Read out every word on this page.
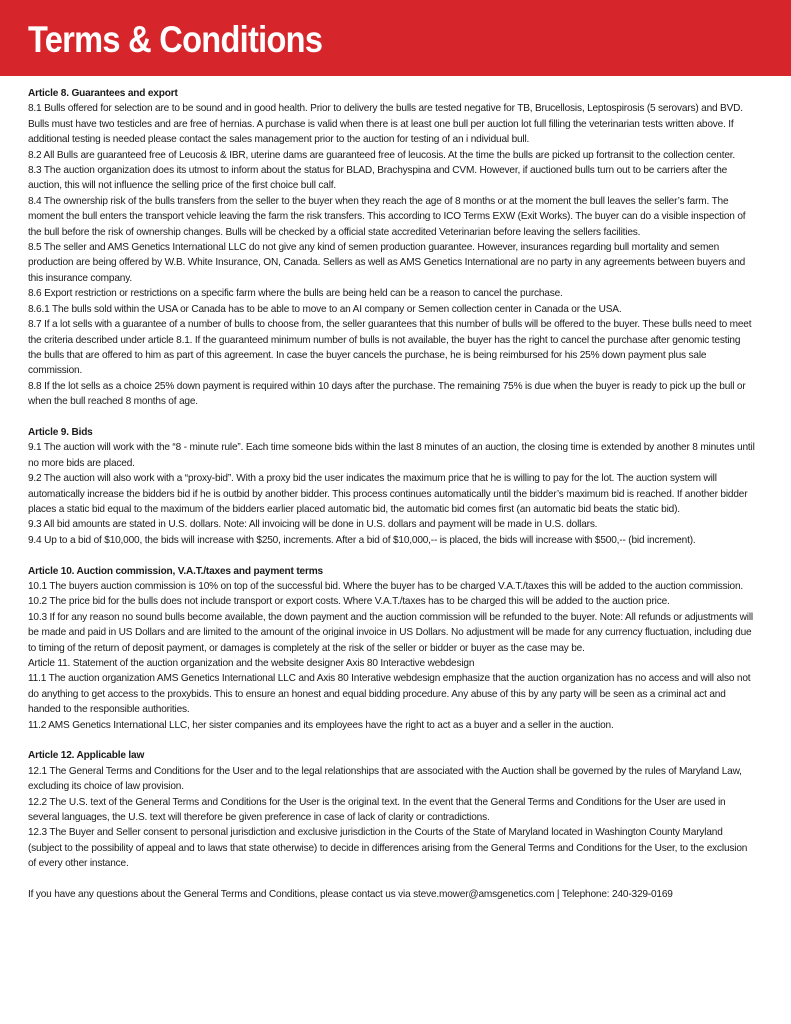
Terms & Conditions

Article 8. Guarantees and export

8.1 Bulls offered for selection are to be sound and in good health. Prior to delivery the bulls are tested negative for TB, Brucellosis, Leptospirosis (5 serovars) and BVD. Bulls must have two testicles and are free of hernias. A purchase is valid when there is at least one bull per auction lot full filling the veterinarian tests written above. If additional testing is needed please contact the sales management prior to the auction for testing of an i ndividual bull.

8.2 All Bulls are guaranteed free of Leucosis & IBR, uterine dams are guaranteed free of leucosis. At the time the bulls are picked up fortransit to the collection center.

8.3 The auction organization does its utmost to inform about the status for BLAD, Brachyspina and CVM. However, if auctioned bulls turn out to be carriers after the auction, this will not influence the selling price of the first choice bull calf.

8.4 The ownership risk of the bulls transfers from the seller to the buyer when they reach the age of 8 months or at the moment the bull leaves the seller’s farm. The moment the bull enters the transport vehicle leaving the farm the risk transfers. This according to ICO Terms EXW (Exit Works). The buyer can do a visible inspection of the bull before the risk of ownership changes. Bulls will be checked by a official state accredited Veterinarian before leaving the sellers facilities.

8.5 The seller and AMS Genetics International LLC do not give any kind of semen production guarantee. However, insurances regarding bull mortality and semen production are being offered by W.B. White Insurance, ON, Canada. Sellers as well as AMS Genetics International are no party in any agreements between buyers and this insurance company.

8.6 Export restriction or restrictions on a specific farm where the bulls are being held can be a reason to cancel the purchase.

8.6.1 The bulls sold within the USA or Canada has to be able to move to an AI company or Semen collection center in Canada or the USA.

8.7 If a lot sells with a guarantee of a number of bulls to choose from, the seller guarantees that this number of bulls will be offered to the buyer. These bulls need to meet the criteria described under article 8.1. If the guaranteed minimum number of bulls is not available, the buyer has the right to cancel the purchase after genomic testing the bulls that are offered to him as part of this agreement. In case the buyer cancels the purchase, he is being reimbursed for his 25% down payment plus sale commission.

8.8 If the lot sells as a choice 25% down payment is required within 10 days after the purchase. The remaining 75% is due when the buyer is ready to pick up the bull or when the bull reached 8 months of age.

Article 9. Bids

9.1 The auction will work with the “8 - minute rule”. Each time someone bids within the last 8 minutes of an auction, the closing time is extended by another 8 minutes until no more bids are placed.

9.2 The auction will also work with a “proxy-bid”. With a proxy bid the user indicates the maximum price that he is willing to pay for the lot. The auction system will automatically increase the bidders bid if he is outbid by another bidder. This process continues automatically until the bidder’s maximum bid is reached. If another bidder places a static bid equal to the maximum of the bidders earlier placed automatic bid, the automatic bid comes first (an automatic bid beats the static bid).

9.3 All bid amounts are stated in U.S. dollars. Note: All invoicing will be done in U.S. dollars and payment will be made in U.S. dollars.

9.4 Up to a bid of $10,000, the bids will increase with $250, increments. After a bid of $10,000,-- is placed, the bids will increase with $500,-- (bid increment).

Article 10. Auction commission, V.A.T./taxes and payment terms

10.1 The buyers auction commission is 10% on top of the successful bid. Where the buyer has to be charged V.A.T./taxes this will be added to the auction commission.

10.2 The price bid for the bulls does not include transport or export costs. Where V.A.T./taxes has to be charged this will be added to the auction price.

10.3 If for any reason no sound bulls become available, the down payment and the auction commission will be refunded to the buyer. Note: All refunds or adjustments will be made and paid in US Dollars and are limited to the amount of the original invoice in US Dollars. No adjustment will be made for any currency fluctuation, including due to timing of the return of deposit payment, or damages is completely at the risk of the seller or bidder or buyer as the case may be.

Article 11. Statement of the auction organization and the website designer Axis 80 Interactive webdesign

11.1 The auction organization AMS Genetics International LLC and Axis 80 Interative webdesign emphasize that the auction organization has no access and will also not do anything to get access to the proxybids. This to ensure an honest and equal bidding procedure. Any abuse of this by any party will be seen as a criminal act and handed to the responsible authorities.

11.2 AMS Genetics International LLC, her sister companies and its employees have the right to act as a buyer and a seller in the auction.

Article 12. Applicable law

12.1 The General Terms and Conditions for the User and to the legal relationships that are associated with the Auction shall be governed by the rules of Maryland Law, excluding its choice of law provision.

12.2 The U.S. text of the General Terms and Conditions for the User is the original text. In the event that the General Terms and Conditions for the User are used in several languages, the U.S. text will therefore be given preference in case of lack of clarity or contradictions.

12.3 The Buyer and Seller consent to personal jurisdiction and exclusive jurisdiction in the Courts of the State of Maryland located in Washington County Maryland (subject to the possibility of appeal and to laws that state otherwise) to decide in differences arising from the General Terms and Conditions for the User, to the exclusion of every other instance.

If you have any questions about the General Terms and Conditions, please contact us via steve.mower@amsgenetics.com | Telephone: 240-329-0169
